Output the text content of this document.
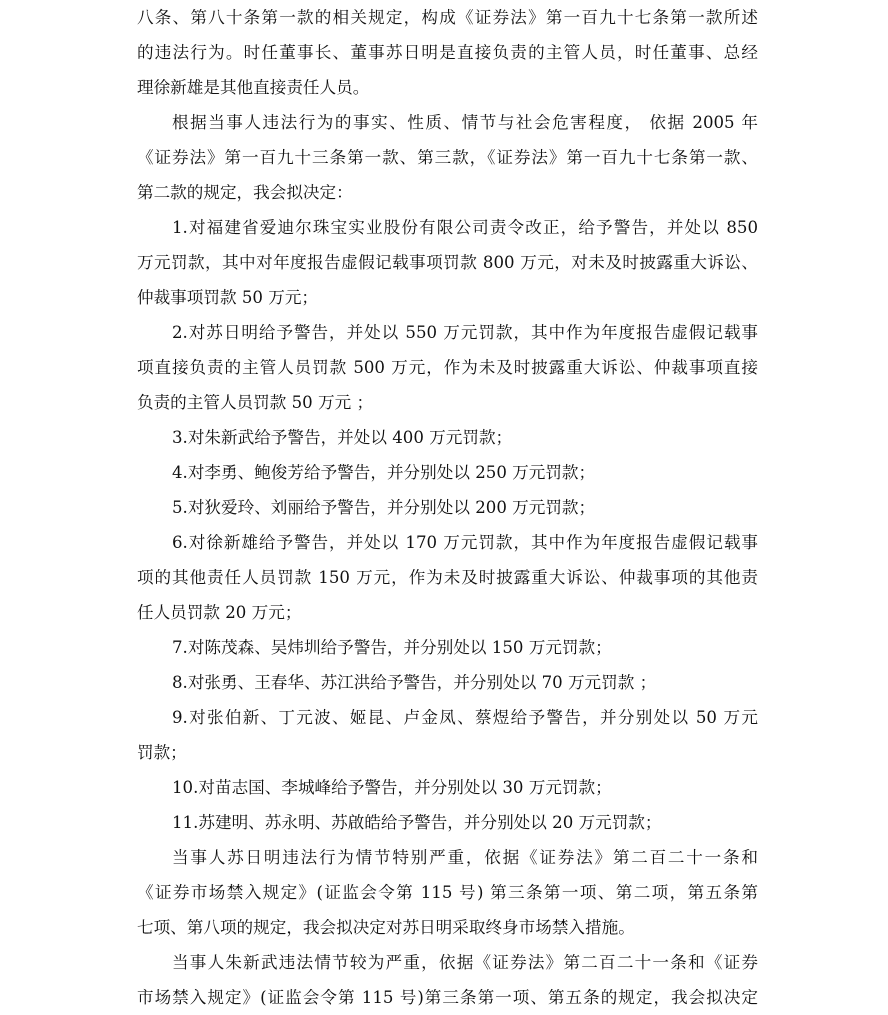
八条、第八十条第一款的相关规定，构成《证券法》第一百九十七条第一款所述
的违法行为。时任董事长、董事苏日明是直接负责的主管人员，时任董事、总经
理徐新雄是其他直接责任人员。
根据当事人违法行为的事实、性质、情节与社会危害程度， 依据 2005 年
《证券法》第一百九十三条第一款、第三款，《证券法》第一百九十七条第一款、
第二款的规定，我会拟决定：
1.对福建省爱迪尔珠宝实业股份有限公司责令改正，给予警告，并处以 850
万元罚款，其中对年度报告虚假记载事项罚款 800 万元，对未及时披露重大诉讼、
仲裁事项罚款 50 万元；
2.对苏日明给予警告，并处以 550 万元罚款，其中作为年度报告虚假记载事
项直接负责的主管人员罚款 500 万元，作为未及时披露重大诉讼、仲裁事项直接
负责的主管人员罚款 50 万元 ；
3.对朱新武给予警告，并处以 400 万元罚款；
4.对李勇、鲍俊芳给予警告，并分别处以 250 万元罚款；
5.对狄爱玲、刘丽给予警告，并分别处以 200 万元罚款；
6.对徐新雄给予警告，并处以 170 万元罚款，其中作为年度报告虚假记载事
项的其他责任人员罚款 150 万元，作为未及时披露重大诉讼、仲裁事项的其他责
任人员罚款 20 万元；
7.对陈茂森、吴炜圳给予警告，并分别处以 150 万元罚款；
8.对张勇、王春华、苏江洪给予警告，并分别处以 70 万元罚款 ；
9.对张伯新、丁元波、姬昆、卢金凤、蔡煜给予警告，并分别处以 50 万元
罚款；
10.对苗志国、李城峰给予警告，并分别处以 30 万元罚款；
11.苏建明、苏永明、苏啟皓给予警告，并分别处以 20 万元罚款；
当事人苏日明违法行为情节特别严重，依据《证券法》第二百二十一条和
《证券市场禁入规定》(证监会令第 115 号) 第三条第一项、第二项，第五条第
七项、第八项的规定，我会拟决定对苏日明采取终身市场禁入措施。
当事人朱新武违法情节较为严重，依据《证券法》第二百二十一条和《证券
市场禁入规定》(证监会令第 115 号)第三条第一项、第五条的规定，我会拟决定
